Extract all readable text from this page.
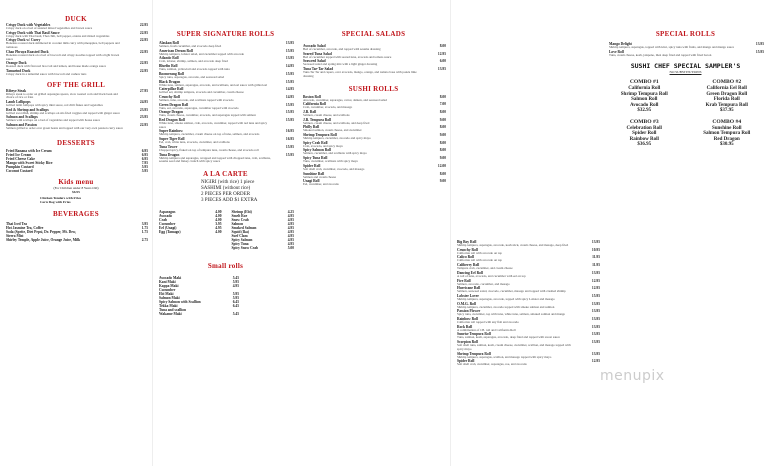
DUCK

Crispy Duck with Vegetables	22.95
Crispy duck on a bed of sautéed mixed vegetables and brown sauce
Crispy Duck with Thai Basil Sauce	22.95
Crispy duck with Thai basil, Thai chili, bell pepper, onions and mixed vegetables
Crispy Duck w/ Curry	22.95
Boneless roasted duck simmered in coconut milk curry with pineapples, bell peppers and tomatoes
Chao Phraya Roasted Duck	22.95
Boneless roasted duck on a bed of broccoli and crispy noodles topped with a light brown sauce
Orange Duck	22.95
Roasted duck with flavored broccoli and lemon, and house made orange sauce
Tamarind Duck	22.95
Crispy duck in a tamarind sauce with broccoli and cashew nuts

OFF THE GRILL

Ribeye Steak	27.95
Ribeye steak to order on grilled asparagus spears, slow roasted corn and black bean and choice of rice or fries
Lamb Lollipops	24.95
Grilled lamb lollipops with spicy mint sauce, red chili flakes and vegetables
Red & Shrimp and Scallops	23.95
Grilled swordfish, shrimp and scallops on stir-fried veggies and topped with ginger sauce
Salmon and Scallops	23.95
Salmon with scallops on a bed of vegetables and topped with house sauce
Salmon and Passion	22.95
Salmon grilled to order over green beans and topped with our very own passion curry sauce

DESSERTS

Fried Banana with Ice Cream	6.95
Fried Ice Cream	6.95
Fried Cheese Cake	6.95
Mango with Sweet Sticky Rice	7.95
Pumpkin Custard	5.95
Coconut Custard	5.95

Kids menu

(For Children under 8 Years Old)
$6.95
Chicken Tenders with Fries
Corn Dog with Fries

BEVERAGES

Thai Iced Tea	3.95
Hot Jasmine Tea, Coffee	1.75
Soda (Sprite, Diet Pepsi, Dr. Pepper, Mt. Dew,	1.75
Sierra Mist
Shirley Temple, Apple Juice, Orange Juice, Milk	2.75

SUPER SIGNATURE ROLLS

Alaskan Roll	13.95
Salmon, fresh cucumber, and avocado deep fried
American Dream Roll	15.95
Shrimp tempura, lobster salad, and cucumber topped with avocado
Atlantic Roll	13.95
Crab, lobster, shrimp, salmon, and avocado deep fried
Bluefin Roll	14.95
Tuna, salmon, yellowtail and avocado topped with tuna
Boomerang Roll	15.95
Spicy tuna, asparagus, avocado, and seaweed salad
Black Dragon	15.95
White tuna, salmon, asparagus, avocado, and scallions, and eel sauce with grilled eel
Caterpillar Roll	14.95
Grilled eel, shrimp tempura, avocado and cucumber, cream cheese
Crunchy Roll	14.95
Salmon, tuna, avocado, and scallions topped with avocado
Green Dragon Roll	15.95
Tuna, eel, avocado, asparagus, cucumber topped with avocado
Orange Dragon	15.95
Tuna, cream cheese, cucumber, avocado, and asparagus topped with salmon
Red Dragon Roll	15.95
White tuna, smoke salmon, crab, avocado, cucumber, topped with red tuna and spicy sauce
Super Rainbow	16.95
Shrimp tempura, cucumber, cream cheese on top of tuna, salmon, and avocado
Super Tiger Roll	16.95
Eel, crab, white tuna, avocado, cucumber, and scallions
Tuna Tower	15.95
Chopped spicy, flaked on top of tempura tuna, cream cheese, and avocado roll
Tuna Dragon	15.95
Shrimp tempura and asparagus, wrapped and topped with chopped tuna, crab, scallions, sesame seed and flakey crunch with spicy sauce

A LA CARTE

NIGIRI (with rice) 1 piece
SASHIMI (without rice)
2 PIECES PER ORDER
3 PIECES ADD $1 EXTRA
Asparagus	4.00
Avocado	4.00
Crab	4.00
Cucumber	3.95
Eel (Unagi)	4.95
Egg (Tamago)	4.00
Shrimp (Ebi)	4.25
Smelt Roe	4.95
Snow Crab	4.95
Salmon	4.95
Smoked Salmon	4.95
Squid (Ika)	4.95
Surf Clam	4.95
Spicy Salmon	4.95
Spicy Tuna	4.95
Spicy Snow Crab	5.00

Small rolls

Avocado Maki	5.45
Kani Maki	5.95
Kappa Maki	4.95
Cucumber
Ebi Maki	5.95
Salmon Maki	5.95
Spicy Salmon with Scallion	6.45
Tekka Maki	6.45
Tuna and scallion
Wakame Maki	5.45

SPECIAL SALADS

Avocado Salad	8.00
Bed of cucumber, avocado, and topped with sesame dressing
Seared Tuna Salad	12.95
Bed of cucumber topped with seared tuna, avocado and tomato sauce
Seaweed Salad	6.00
Seaweed salad and spring mix with a light ginger dressing
Tuna Tar-Tar Salad	13.95
Tuna Tar Tar and capers, over avocado, mango, orange, and tomato base with ponzu lime dressing

SUSHI ROLLS

Boston Roll	8.00
Avocado, cucumber, asparagus, carrot, daikon, and seaweed salad
California Roll	7.00
Crab, cucumber, avocado, and masago
J.B. Roll	8.00
Salmon, cream cheese, and scallions
J.B. Tempura Roll	9.00
Salmon, cream cheese, and scallions, and deep fried
Philly Roll	8.00
Smoked salmon, cream cheese, and cucumber
Shrimp Tempura Roll	9.00
Shrimp tempura, cucumber, avocado and spicy mayo
Spicy Crab Roll	8.00
Crab, avocado, and spicy mayo
Spicy Salmon Roll	8.00
Salmon, cucumber, and scallions with spicy mayo
Spicy Tuna Roll	9.00
Tuna, cucumber, scallions with spicy mayo
Spider Roll	12.00
Soft shell crab, cucumber, avocado, and masago
Sunshine Roll	8.00
Salmon and cream cheese
Unagi Roll	9.00
Eel, cucumber, and avocado
Big Boy Roll	13.95
Shrimp tempura, asparagus, avocado, kosh stick, cream cheese, and masago, deep fried
Crunchy Roll	10.95
California roll with avocado on top
Calico Roll	11.95
California roll with avocado on top
Caliberry Roll	11.95
Tempura crab, cucumber, and cream cheese
Dancing Eel Roll	13.95
A roll of tuna, avocado, and cucumber with eel on top
Fire Roll	12.95
Salmon, avocado, cucumber, and masago
Hurricane Roll	12.95
Salmon, seaweed salad, avocado, cucumber, masago and topped with crushed shrimp
Lobster Lover	15.95
Shrimp tempura, asparagus, avocado, topped with spicy Lobster and masago
O.M.G. Roll	13.95
Shrimp tempura, cucumber, avocado topped with smoke salmon and salmon
Passion Flower	13.95
Spicy tuna, cucumber, top with tuna, white tuna, salmon, smoked salmon and mango
Rainbow Roll	13.95
California roll topped with any fish and avocado
Rock Roll	13.95
A combination of J.B. roll and California Roll
Sunrise Tempura Roll	13.95
Tuna, salmon, kosh, asparagus, avocado, deep fried and topped with sweet sauce
Scorpion Roll	13.95
Soft shell tuna, salmon, kosh, cream cheese, cucumber, scallion, and masago topped with spicy mayo
Shrimp Tempura Roll	13.95
Shrimp tempura, asparagus, scallion, and masago topped with spicy mayo
Spider Roll	12.95
Soft shell crab, cucumber, asparagus, roe, and avocado

SPECIAL ROLLS

Mango Delight	13.95
Shrimp tempura, asparagus, topped with kiwi, spicy tuna with fruits, and mango and mango sauce
Love Roll	15.95
Tuna, cream cheese, kosh, jalapeno, then deep fried and topped with fried bacon
SUSHI CHEF SPECIAL SAMPLER'S
NO SUBSTITUTIONS
COMBO #1
California Roll
Shrimp Tempura Roll
Salmon Roll
Avocado Roll
$32.95
COMBO #2
California Eel Roll
Green Dragon Roll
Florida Roll
Krab Tempura Roll
$37.95
COMBO #3
Celebration Roll
Spider Roll
Rainbow Roll
$36.95
COMBO #4
Sunshine Roll
Salmon Tempura Roll
Red Dragon
$30.95
menupix
